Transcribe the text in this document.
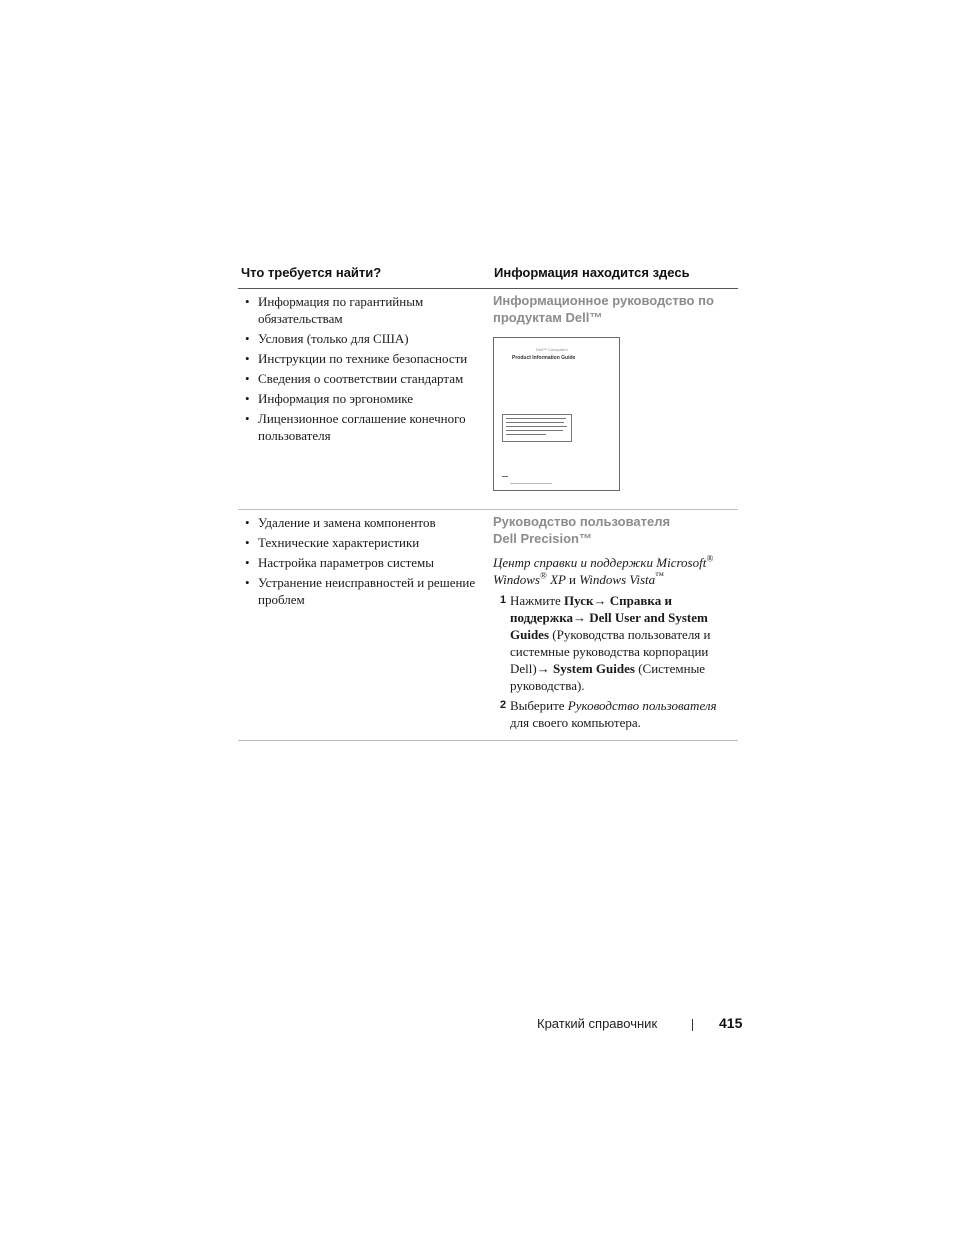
Что требуется найти?	Информация находится здесь
• Информация по гарантийным обязательствам
• Условия (только для США)
• Инструкции по технике безопасности
• Сведения о соответствии стандартам
• Информация по эргономике
• Лицензионное соглашение конечного пользователя
Информационное руководство по продуктам Dell™
Dell™ Computers
Product Information Guide
• Удаление и замена компонентов
• Технические характеристики
• Настройка параметров системы
• Устранение неисправностей и решение проблем
Руководство пользователя
Dell Precision™
Центр справки и поддержки Microsoft® Windows® XP и Windows Vista™
1 Нажмите Пуск→ Справка и поддержка→ Dell User and System Guides (Руководства пользователя и системные руководства корпорации Dell)→ System Guides (Системные руководства).
2 Выберите Руководство пользователя для своего компьютера.
Краткий справочник	415
